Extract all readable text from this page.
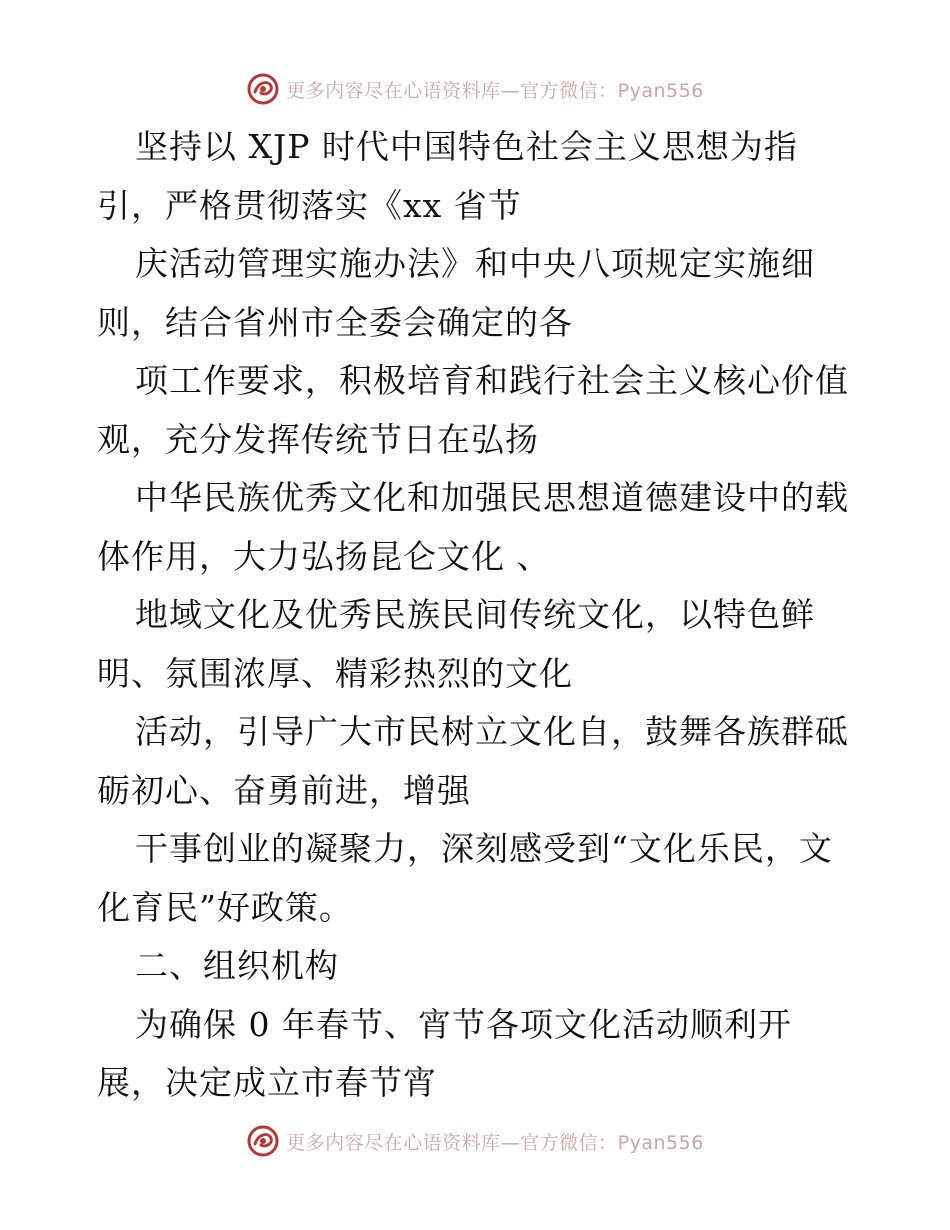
更多内容尽在心语资料库—官方微信：Pyan556
坚持以 XJP 时代中国特色社会主义思想为指
引，严格贯彻落实《xx 省节
庆活动管理实施办法》和中央八项规定实施细
则，结合省州市全委会确定的各
项工作要求，积极培育和践行社会主义核心价值
观，充分发挥传统节日在弘扬
中华民族优秀文化和加强民思想道德建设中的载
体作用，大力弘扬昆仑文化 、
地域文化及优秀民族民间传统文化，以特色鲜
明、氛围浓厚、精彩热烈的文化
活动，引导广大市民树立文化自，鼓舞各族群砥
砺初心、奋勇前进，增强
干事创业的凝聚力，深刻感受到“文化乐民，文
化育民”好政策。
二、组织机构
为确保 0 年春节、宵节各项文化活动顺利开
展，决定成立市春节宵
更多内容尽在心语资料库—官方微信：Pyan556
